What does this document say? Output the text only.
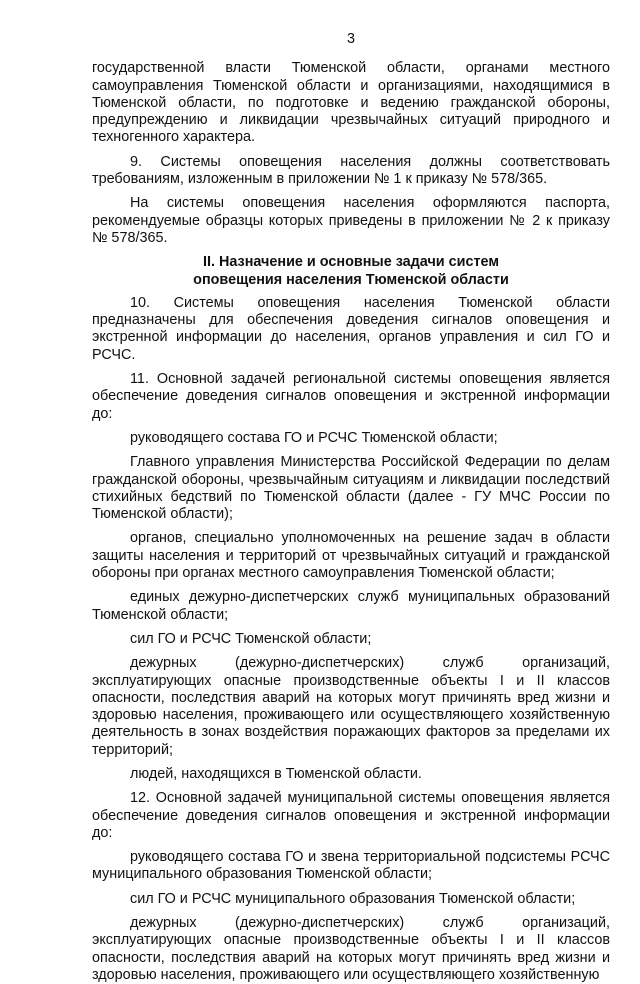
3

государственной власти Тюменской области, органами местного самоуправления Тюменской области и организациями, находящимися в Тюменской области, по подготовке и ведению гражданской обороны, предупреждению и ликвидации чрезвычайных ситуаций природного и техногенного характера.

9. Системы оповещения населения должны соответствовать требованиям, изложенным в приложении № 1 к приказу № 578/365.

На системы оповещения населения оформляются паспорта, рекомендуемые образцы которых приведены в приложении № 2 к приказу № 578/365.

II. Назначение и основные задачи систем
оповещения населения Тюменской области

10. Системы оповещения населения Тюменской области предназначены для обеспечения доведения сигналов оповещения и экстренной информации до населения, органов управления и сил ГО и РСЧС.

11. Основной задачей региональной системы оповещения является обеспечение доведения сигналов оповещения и экстренной информации до:

руководящего состава ГО и РСЧС Тюменской области;

Главного управления Министерства Российской Федерации по делам гражданской обороны, чрезвычайным ситуациям и ликвидации последствий стихийных бедствий по Тюменской области (далее - ГУ МЧС России по Тюменской области);

органов, специально уполномоченных на решение задач в области защиты населения и территорий от чрезвычайных ситуаций и гражданской обороны при органах местного самоуправления Тюменской области;

единых дежурно-диспетчерских служб муниципальных образований Тюменской области;

сил ГО и РСЧС Тюменской области;

дежурных (дежурно-диспетчерских) служб организаций, эксплуатирующих опасные производственные объекты I и II классов опасности, последствия аварий на которых могут причинять вред жизни и здоровью населения, проживающего или осуществляющего хозяйственную деятельность в зонах воздействия поражающих факторов за пределами их территорий;

людей, находящихся в Тюменской области.

12. Основной задачей муниципальной системы оповещения является обеспечение доведения сигналов оповещения и экстренной информации до:

руководящего состава ГО и звена территориальной подсистемы РСЧС муниципального образования Тюменской области;

сил ГО и РСЧС муниципального образования Тюменской области;

дежурных (дежурно-диспетчерских) служб организаций, эксплуатирующих опасные производственные объекты I и II классов опасности, последствия аварий на которых могут причинять вред жизни и здоровью населения, проживающего или осуществляющего хозяйственную
